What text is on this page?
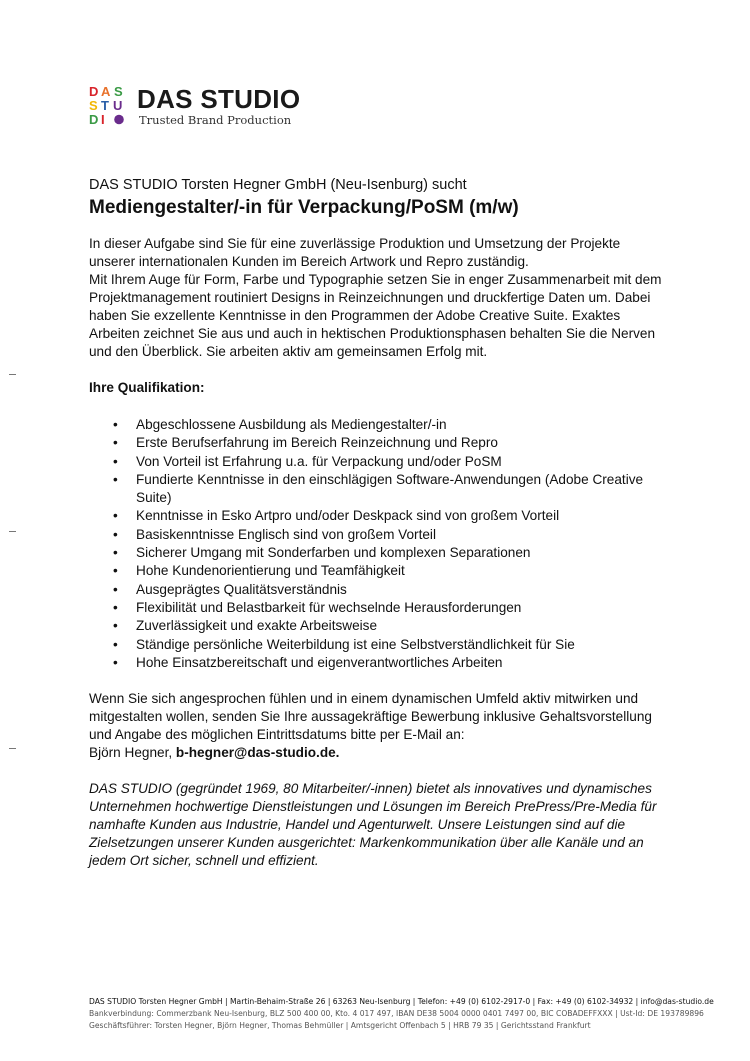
D A S
S T U
D I
DAS STUDIO
Trusted Brand Production

DAS STUDIO Torsten Hegner GmbH (Neu-Isenburg) sucht

Mediengestalter/-in für Verpackung/PoSM (m/w)
In dieser Aufgabe sind Sie für eine zuverlässige Produktion und Umsetzung der Projekte unserer internationalen Kunden im Bereich Artwork und Repro zuständig.
Mit Ihrem Auge für Form, Farbe und Typographie setzen Sie in enger Zusammenarbeit mit dem Projektmanagement routiniert Designs in Reinzeichnungen und druckfertige Daten um. Dabei haben Sie exzellente Kenntnisse in den Programmen der Adobe Creative Suite. Exaktes Arbeiten zeichnet Sie aus und auch in hektischen Produktionsphasen behalten Sie die Nerven und den Überblick. Sie arbeiten aktiv am gemeinsamen Erfolg mit.
Ihre Qualifikation:
• Abgeschlossene Ausbildung als Mediengestalter/-in
• Erste Berufserfahrung im Bereich Reinzeichnung und Repro
• Von Vorteil ist Erfahrung u.a. für Verpackung und/oder PoSM
• Fundierte Kenntnisse in den einschlägigen Software-Anwendungen (Adobe Creative Suite)
• Kenntnisse in Esko Artpro und/oder Deskpack sind von großem Vorteil
• Basiskenntnisse Englisch sind von großem Vorteil
• Sicherer Umgang mit Sonderfarben und komplexen Separationen
• Hohe Kundenorientierung und Teamfähigkeit
• Ausgeprägtes Qualitätsverständnis
• Flexibilität und Belastbarkeit für wechselnde Herausforderungen
• Zuverlässigkeit und exakte Arbeitsweise
• Ständige persönliche Weiterbildung ist eine Selbstverständlichkeit für Sie
• Hohe Einsatzbereitschaft und eigenverantwortliches Arbeiten
Wenn Sie sich angesprochen fühlen und in einem dynamischen Umfeld aktiv mitwirken und mitgestalten wollen, senden Sie Ihre aussagekräftige Bewerbung inklusive Gehaltsvorstellung und Angabe des möglichen Eintrittsdatums bitte per E-Mail an:
Björn Hegner, b-hegner@das-studio.de.

DAS STUDIO (gegründet 1969, 80 Mitarbeiter/-innen) bietet als innovatives und dynamisches Unternehmen hochwertige Dienstleistungen und Lösungen im Bereich PrePress/Pre-Media für namhafte Kunden aus Industrie, Handel und Agenturwelt. Unsere Leistungen sind auf die Zielsetzungen unserer Kunden ausgerichtet: Markenkommunikation über alle Kanäle und an jedem Ort sicher, schnell und effizient.

DAS STUDIO Torsten Hegner GmbH | Martin-Behaim-Straße 26 | 63263 Neu-Isenburg | Telefon: +49 (0) 6102-2917-0 | Fax: +49 (0) 6102-34932 | info@das-studio.de
Bankverbindung: Commerzbank Neu-Isenburg, BLZ 500 400 00, Kto. 4 017 497, IBAN DE38 5004 0000 0401 7497 00, BIC COBADEFFXXX | Ust-Id: DE 193789896
Geschäftsführer: Torsten Hegner, Björn Hegner, Thomas Behmüller | Amtsgericht Offenbach 5 | HRB 79 35 | Gerichtsstand Frankfurt
